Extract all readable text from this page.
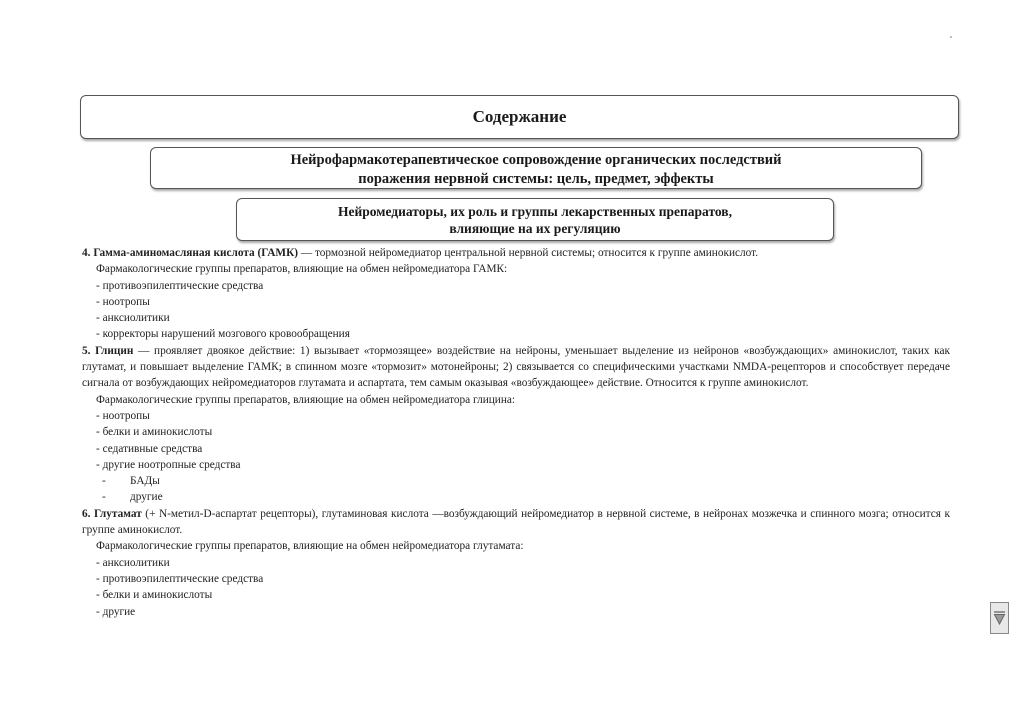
Содержание
Нейрофармакотерапевтическое сопровождение органических последствий
поражения нервной системы: цель, предмет, эффекты
Нейромедиаторы, их роль и группы лекарственных препаратов,
влияющие на их регуляцию

4. Гамма-аминомасляная кислота (ГАМК) — тормозной нейромедиатор центральной нервной системы; относится к группе аминокислот.

Фармакологические группы препаратов, влияющие на обмен нейромедиатора ГАМК:

- противоэпилептические средства

- ноотропы

- анксиолитики

- корректоры нарушений мозгового кровообращения

5. Глицин — проявляет двоякое действие: 1) вызывает «тормозящее» воздействие на нейроны, уменьшает выделение из нейронов «возбуждающих» аминокислот, таких как глутамат, и повышает выделение ГАМК; в спинном мозге «тормозит» мотонейроны; 2) связывается со специфическими участками NMDA-рецепторов и способствует передаче сигнала от возбуждающих нейромедиаторов глутамата и аспартата, тем самым оказывая «возбуждающее» действие. Относится к группе аминокислот.

Фармакологические группы препаратов, влияющие на обмен нейромедиатора глицина:

- ноотропы

- белки и аминокислоты

- седативные средства

- другие ноотропные средства

- БАДы

- другие

6. Глутамат (+ N-метил-D-аспартат рецепторы), глутаминовая кислота —возбуждающий нейромедиатор в нервной системе, в нейронах мозжечка и спинного мозга; относится к группе аминокислот.

Фармакологические группы препаратов, влияющие на обмен нейромедиатора глутамата:

- анксиолитики

- противоэпилептические средства

- белки и аминокислоты

- другие
